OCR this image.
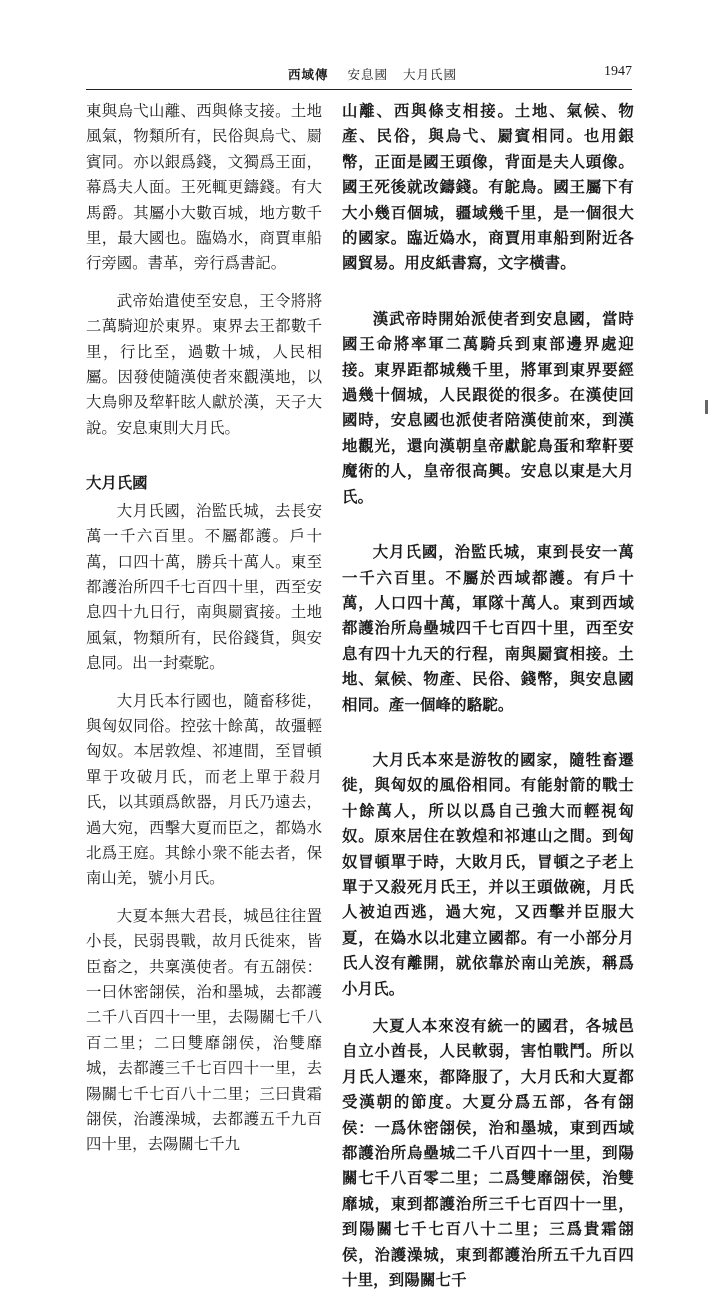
西域傳 安息國 大月氏國	1947

東與烏弋山離、西與條支接。土地風氣，物類所有，民俗與烏弋、罽賓同。亦以銀爲錢，文獨爲王面，幕爲夫人面。王死輒更鑄錢。有大馬爵。其屬小大數百城，地方數千里，最大國也。臨媯水，商賈車船行旁國。書革，旁行爲書記。

武帝始遣使至安息，王令將將二萬騎迎於東界。東界去王都數千里，行比至，過數十城，人民相屬。因發使隨漢使者來觀漢地，以大鳥卵及犂靬眩人獻於漢，天子大說。安息東則大月氏。

大月氏國

大月氏國，治監氏城，去長安萬一千六百里。不屬都護。戶十萬，口四十萬，勝兵十萬人。東至都護治所四千七百四十里，西至安息四十九日行，南與罽賓接。土地風氣，物類所有，民俗錢貨，與安息同。出一封橐駝。

大月氏本行國也，隨畜移徙，與匈奴同俗。控弦十餘萬，故彊輕匈奴。本居敦煌、祁連間，至冒頓單于攻破月氏，而老上單于殺月氏，以其頭爲飲器，月氏乃遠去，過大宛，西擊大夏而臣之，都媯水北爲王庭。其餘小衆不能去者，保南山羌，號小月氏。

大夏本無大君長，城邑往往置小長，民弱畏戰，故月氏徙來，皆臣畜之，共稟漢使者。有五翖侯：一曰休密翖侯，治和墨城，去都護二千八百四十一里，去陽關七千八百二里；二曰雙靡翖侯，治雙靡城，去都護三千七百四十一里，去陽關七千七百八十二里；三曰貴霜翖侯，治護澡城，去都護五千九百四十里，去陽關七千九

山離、西與條支相接。土地、氣候、物產、民俗，與烏弋、罽賓相同。也用銀幣，正面是國王頭像，背面是夫人頭像。國王死後就改鑄錢。有鴕鳥。國王屬下有大小幾百個城，疆域幾千里，是一個很大的國家。臨近媯水，商賈用車船到附近各國貿易。用皮紙書寫，文字橫書。

漢武帝時開始派使者到安息國，當時國王命將率軍二萬騎兵到東部邊界處迎接。東界距都城幾千里，將軍到東界要經過幾十個城，人民跟從的很多。在漢使回國時，安息國也派使者陪漢使前來，到漢地觀光，還向漢朝皇帝獻鴕鳥蛋和犂靬要魔術的人，皇帝很高興。安息以東是大月氏。

大月氏國，治監氏城，東到長安一萬一千六百里。不屬於西域都護。有戶十萬，人口四十萬，軍隊十萬人。東到西域都護治所烏壘城四千七百四十里，西至安息有四十九天的行程，南與罽賓相接。土地、氣候、物產、民俗、錢幣，與安息國相同。產一個峰的駱駝。

大月氏本來是游牧的國家，隨牲畜遷徙，與匈奴的風俗相同。有能射箭的戰士十餘萬人，所以以爲自己強大而輕視匈奴。原來居住在敦煌和祁連山之間。到匈奴冒頓單于時，大敗月氏，冒頓之子老上單于又殺死月氏王，并以王頭做碗，月氏人被迫西逃，過大宛，又西擊并臣服大夏，在媯水以北建立國都。有一小部分月氏人沒有離開，就依靠於南山羌族，稱爲小月氏。

大夏人本來沒有統一的國君，各城邑自立小酋長，人民軟弱，害怕戰鬥。所以月氏人遷來，都降服了，大月氏和大夏都受漢朝的節度。大夏分爲五部，各有翖侯：一爲休密翖侯，治和墨城，東到西域都護治所烏壘城二千八百四十一里，到陽關七千八百零二里；二爲雙靡翖侯，治雙靡城，東到都護治所三千七百四十一里，到陽關七千七百八十二里；三爲貴霜翖侯，治護澡城，東到都護治所五千九百四十里，到陽關七千
